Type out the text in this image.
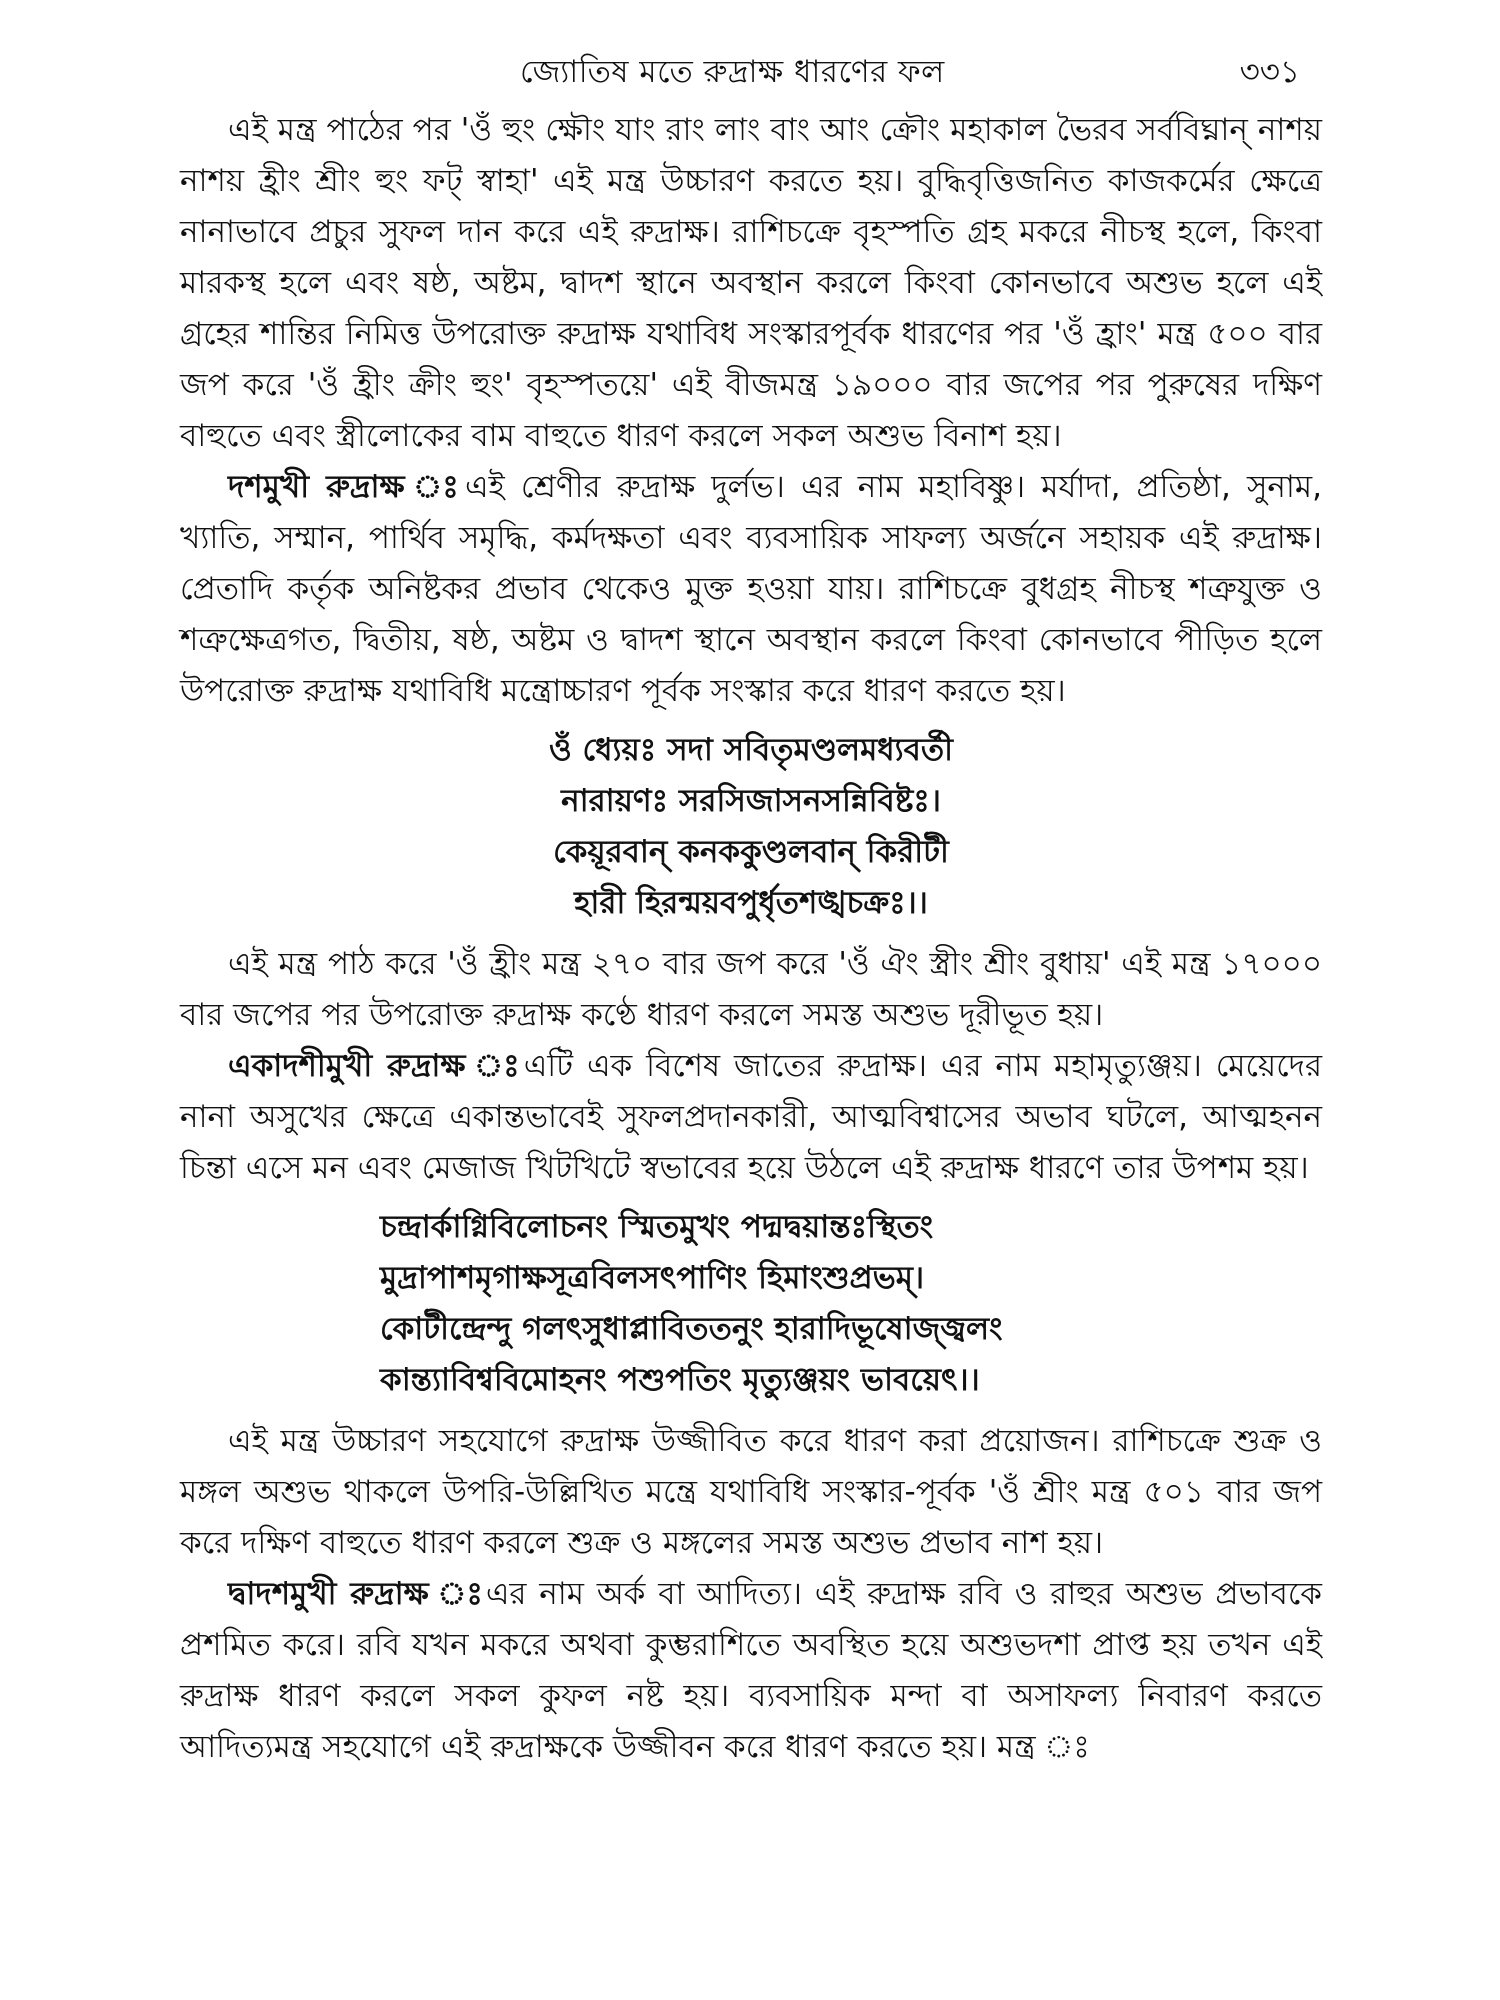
জ্যোতিষ মতে রুদ্রাক্ষ ধারণের ফল	৩৩১

এই মন্ত্র পাঠের পর 'ওঁ হুং ক্ষৌং যাং রাং লাং বাং আং ক্রৌং মহাকাল ভৈরব সর্ববিঘ্নান্ নাশয় নাশয় হ্রীং শ্রীং হুং ফট্ স্বাহা' এই মন্ত্র উচ্চারণ করতে হয়। বুদ্ধিবৃত্তিজনিত কাজকর্মের ক্ষেত্রে নানাভাবে প্রচুর সুফল দান করে এই রুদ্রাক্ষ। রাশিচক্রে বৃহস্পতি গ্রহ মকরে নীচস্থ হলে, কিংবা মারকস্থ হলে এবং ষষ্ঠ, অষ্টম, দ্বাদশ স্থানে অবস্থান করলে কিংবা কোনভাবে অশুভ হলে এই গ্রহের শান্তির নিমিত্ত উপরোক্ত রুদ্রাক্ষ যথাবিধ সংস্কারপূর্বক ধারণের পর 'ওঁ হ্রাং' মন্ত্র ৫০০ বার জপ করে 'ওঁ হ্রীং ক্রীং হুং' বৃহস্পতয়ে' এই বীজমন্ত্র ১৯০০০ বার জপের পর পুরুষের দক্ষিণ বাহুতে এবং স্ত্রীলোকের বাম বাহুতে ধারণ করলে সকল অশুভ বিনাশ হয়।

দশমুখী রুদ্রাক্ষ ঃএই শ্রেণীর রুদ্রাক্ষ দুর্লভ। এর নাম মহাবিষ্ণু। মর্যাদা, প্রতিষ্ঠা, সুনাম, খ্যাতি, সম্মান, পার্থিব সমৃদ্ধি, কর্মদক্ষতা এবং ব্যবসায়িক সাফল্য অর্জনে সহায়ক এই রুদ্রাক্ষ। প্রেতাদি কর্তৃক অনিষ্টকর প্রভাব থেকেও মুক্ত হওয়া যায়। রাশিচক্রে বুধগ্রহ নীচস্থ শত্রুযুক্ত ও শত্রুক্ষেত্রগত, দ্বিতীয়, ষষ্ঠ, অষ্টম ও দ্বাদশ স্থানে অবস্থান করলে কিংবা কোনভাবে পীড়িত হলে উপরোক্ত রুদ্রাক্ষ যথাবিধি মন্ত্রোচ্চারণ পূর্বক সংস্কার করে ধারণ করতে হয়।

ওঁ ধ্যেয়ঃ সদা সবিতৃমণ্ডলমধ্যবর্তী
নারায়ণঃ সরসিজাসনসন্নিবিষ্টঃ।
কেয়ূরবান্ কনককুণ্ডলবান্ কিরীটী
হারী হিরন্ময়বপুর্ধৃতশঙ্খচক্রঃ।।

এই মন্ত্র পাঠ করে 'ওঁ হ্রীং মন্ত্র ২৭০ বার জপ করে 'ওঁ ঐং স্ত্রীং শ্রীং বুধায়' এই মন্ত্র ১৭০০০ বার জপের পর উপরোক্ত রুদ্রাক্ষ কণ্ঠে ধারণ করলে সমস্ত অশুভ দূরীভূত হয়।

একাদশীমুখী রুদ্রাক্ষ ঃএটি এক বিশেষ জাতের রুদ্রাক্ষ। এর নাম মহামৃত্যুঞ্জয়। মেয়েদের নানা অসুখের ক্ষেত্রে একান্তভাবেই সুফলপ্রদানকারী, আত্মবিশ্বাসের অভাব ঘটলে, আত্মহনন চিন্তা এসে মন এবং মেজাজ খিটখিটে স্বভাবের হয়ে উঠলে এই রুদ্রাক্ষ ধারণে তার উপশম হয়।

চন্দ্রার্কাগ্নিবিলোচনং স্মিতমুখং পদ্মদ্বয়ান্তঃস্থিতং
মুদ্রাপাশমৃগাক্ষসূত্রবিলসৎপাণিং হিমাংশুপ্রভম্।
কোটীন্দ্রেন্দু গলৎসুধাপ্লাবিততনুং হারাদিভূষোজ্জ্বলং
কান্ত্যাবিশ্ববিমোহনং পশুপতিং মৃত্যুঞ্জয়ং ভাবয়েৎ।।

এই মন্ত্র উচ্চারণ সহযোগে রুদ্রাক্ষ উজ্জীবিত করে ধারণ করা প্রয়োজন। রাশিচক্রে শুক্র ও মঙ্গল অশুভ থাকলে উপরি-উল্লিখিত মন্ত্রে যথাবিধি সংস্কার-পূর্বক 'ওঁ শ্রীং মন্ত্র ৫০১ বার জপ করে দক্ষিণ বাহুতে ধারণ করলে শুক্র ও মঙ্গলের সমস্ত অশুভ প্রভাব নাশ হয়।

দ্বাদশমুখী রুদ্রাক্ষ ঃএর নাম অর্ক বা আদিত্য। এই রুদ্রাক্ষ রবি ও রাহুর অশুভ প্রভাবকে প্রশমিত করে। রবি যখন মকরে অথবা কুম্ভরাশিতে অবস্থিত হয়ে অশুভদশা প্রাপ্ত হয় তখন এই রুদ্রাক্ষ ধারণ করলে সকল কুফল নষ্ট হয়। ব্যবসায়িক মন্দা বা অসাফল্য নিবারণ করতে আদিত্যমন্ত্র সহযোগে এই রুদ্রাক্ষকে উজ্জীবন করে ধারণ করতে হয়। মন্ত্র ঃ
